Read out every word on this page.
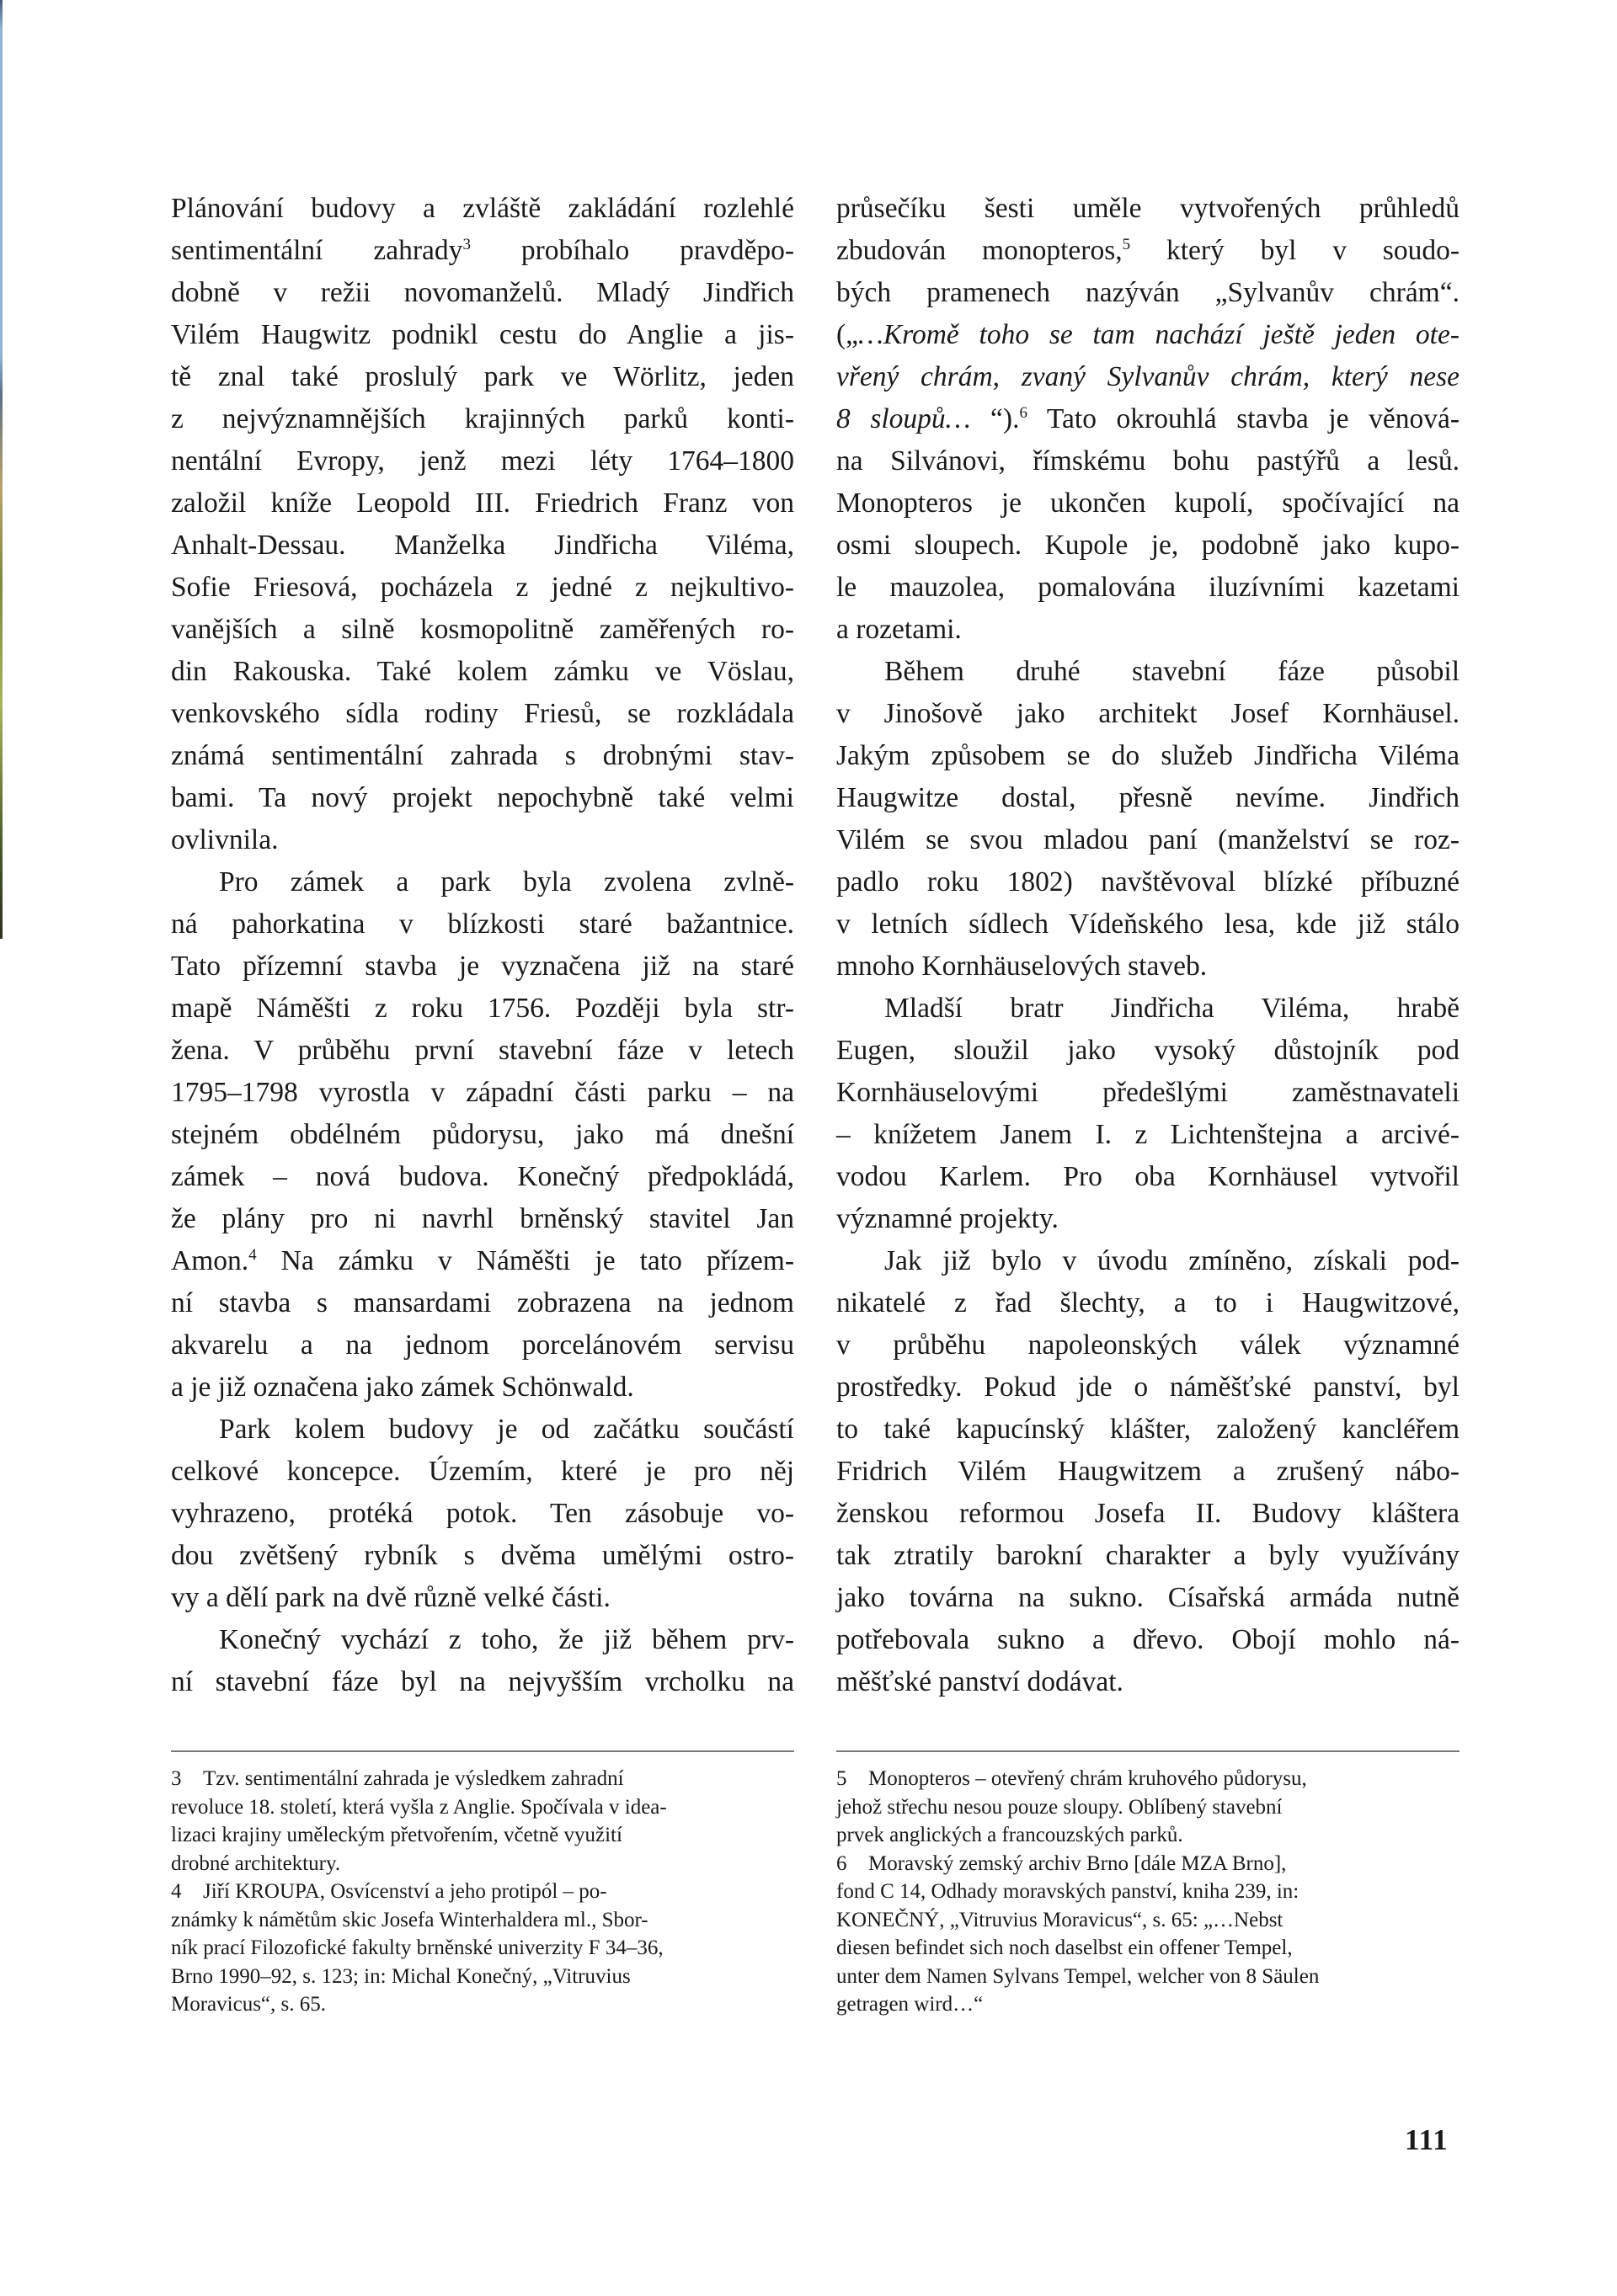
Plánování budovy a zvláště zakládání rozlehlé
sentimentální zahrady$^3$ probíhalo pravděpo-
dobně v režii novomanželů. Mladý Jindřich
Vilém Haugwitz podnikl cestu do Anglie a jis-
tě znal také proslulý park ve Wörlitz, jeden
z nejvýznamnějších krajinných parků konti-
nentální Evropy, jenž mezi léty 1764–1800
založil kníže Leopold III. Friedrich Franz von
Anhalt-Dessau. Manželka Jindřicha Viléma,
Sofie Friesová, pocházela z jedné z nejkultivo-
vanějších a silně kosmopolitně zaměřených ro-
din Rakouska. Také kolem zámku ve Vöslau,
venkovského sídla rodiny Friesů, se rozkládala
známá sentimentální zahrada s drobnými stav-
bami. Ta nový projekt nepochybně také velmi
ovlivnila.
Pro zámek a park byla zvolena zvlně-
ná pahorkatina v blízkosti staré bažantnice.
Tato přízemní stavba je vyznačena již na staré
mapě Náměšti z roku 1756. Později byla str-
žena. V průběhu první stavební fáze v letech
1795–1798 vyrostla v západní části parku – na
stejném obdélném půdorysu, jako má dnešní
zámek – nová budova. Konečný předpokládá,
že plány pro ni navrhl brněnský stavitel Jan
Amon.$^4$ Na zámku v Náměšti je tato přízem-
ní stavba s mansardami zobrazena na jednom
akvarelu a na jednom porcelánovém servisu
a je již označena jako zámek Schönwald.
Park kolem budovy je od začátku součástí
celkové koncepce. Územím, které je pro něj
vyhrazeno, protéká potok. Ten zásobuje vo-
dou zvětšený rybník s dvěma umělými ostro-
vy a dělí park na dvě různě velké části.
Konečný vychází z toho, že již během prv-
ní stavební fáze byl na nejvyšším vrcholku na
průsečíku šesti uměle vytvořených průhledů
zbudován monopteros,$^5$ který byl v soudo-
bých pramenech nazýván „Sylvanův chrám“.
(„…Kromě toho se tam nachází ještě jeden ote-
vřený chrám, zvaný Sylvanův chrám, který nese
8 sloupů… “).$^6$ Tato okrouhlá stavba je věnová-
na Silvánovi, římskému bohu pastýřů a lesů.
Monopteros je ukončen kupolí, spočívající na
osmi sloupech. Kupole je, podobně jako kupo-
le mauzolea, pomalována iluzívními kazetami
a rozetami.
Během druhé stavební fáze působil
v Jinošově jako architekt Josef Kornhäusel.
Jakým způsobem se do služeb Jindřicha Viléma
Haugwitze dostal, přesně nevíme. Jindřich
Vilém se svou mladou paní (manželství se roz-
padlo roku 1802) navštěvoval blízké příbuzné
v letních sídlech Vídeňského lesa, kde již stálo
mnoho Kornhäuselových staveb.
Mladší bratr Jindřicha Viléma, hrabě
Eugen, sloužil jako vysoký důstojník pod
Kornhäuselovými předešlými zaměstnavateli
– knížetem Janem I. z Lichtenštejna a arcivé-
vodou Karlem. Pro oba Kornhäusel vytvořil
významné projekty.
Jak již bylo v úvodu zmíněno, získali pod-
nikatelé z řad šlechty, a to i Haugwitzové,
v průběhu napoleonských válek významné
prostředky. Pokud jde o náměšťské panství, byl
to také kapucínský klášter, založený kancléřem
Fridrich Vilém Haugwitzem a zrušený nábo-
ženskou reformou Josefa II. Budovy kláštera
tak ztratily barokní charakter a byly využívány
jako továrna na sukno. Císařská armáda nutně
potřebovala sukno a dřevo. Obojí mohlo ná-
měšťské panství dodávat.
3 Tzv. sentimentální zahrada je výsledkem zahradní
revoluce 18. století, která vyšla z Anglie. Spočívala v idea-
lizaci krajiny uměleckým přetvořením, včetně využití
drobné architektury.
4 Jiří KROUPA, Osvícenství a jeho protipól – po-
známky k námětům skic Josefa Winterhaldera ml., Sbor-
ník prací Filozofické fakulty brněnské univerzity F 34–36,
Brno 1990–92, s. 123; in: Michal Konečný, „Vitruvius
Moravicus“, s. 65.
5 Monopteros – otevřený chrám kruhového půdorysu,
jehož střechu nesou pouze sloupy. Oblíbený stavební
prvek anglických a francouzských parků.
6 Moravský zemský archiv Brno [dále MZA Brno],
fond C 14, Odhady moravských panství, kniha 239, in:
KONEČNÝ, „Vitruvius Moravicus“, s. 65: „…Nebst
diesen befindet sich noch daselbst ein offener Tempel,
unter dem Namen Sylvans Tempel, welcher von 8 Säulen
getragen wird…“
111
